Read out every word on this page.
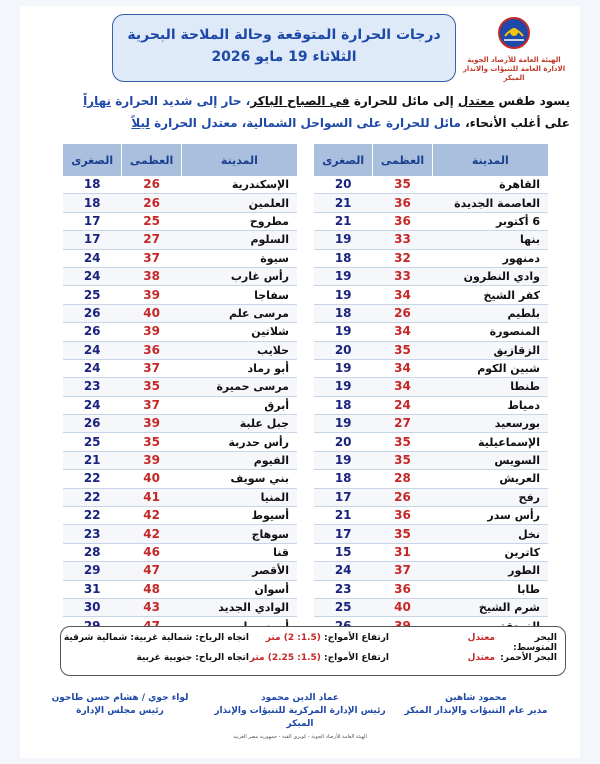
الهيئة العامة للأرصاد الجوية
الادارة العامة للتنبؤات والانذار المبكر
درجات الحرارة المتوقعة وحالة الملاحة البحرية
الثلاثاء 19 مايو 2026
يسود طقس معتدل إلى مائل للحرارة في الصباح الباكر، حار إلى شديد الحرارة نهاراً
على أغلب الأنحاء، مائل للحرارة على السواحل الشمالية، معتدل الحرارة ليلاً
المدينة	العظمى	الصغرى
القاهرة	35	20
العاصمة الجديدة	36	21
6 أكتوبر	36	21
بنها	33	19
دمنهور	32	18
وادي النطرون	33	19
كفر الشيخ	34	19
بلطيم	26	18
المنصورة	34	19
الزقازيق	35	20
شبين الكوم	34	19
طنطا	34	19
دمياط	24	18
بورسعيد	27	19
الإسماعيلية	35	20
السويس	35	19
العريش	28	18
رفح	26	17
رأس سدر	36	21
نخل	35	17
كاترين	31	15
الطور	37	24
طابا	36	23
شرم الشيخ	40	25

المدينة	العظمى	الصغرى
الإسكندرية	26	18
العلمين	26	18
مطروح	25	17
السلوم	27	17
سيوة	37	24
رأس غارب	38	24
سفاجا	39	25
مرسى علم	40	26
شلاتين	39	26
حلايب	36	24
أبو رماد	37	24
مرسى حميرة	35	23
أبرق	37	24
جبل علبة	39	26
رأس حدربة	35	25
الفيوم	39	21
بني سويف	40	22
المنيا	41	22
أسيوط	42	22
سوهاج	42	23
قنا	46	28
الأقصر	47	29
أسوان	48	31
الوادي الجديد	43	30

البحر المتوسط:
معتدل
ارتفاع الأمواج: (1.5: 2) متر
اتجاه الرياح: شمالية غربية: شمالية شرقية
البحر الأحمر:
معتدل
ارتفاع الأمواج: (1.5: 2.25) متر
اتجاه الرياح: جنوبية غربية
محمود شاهين
مدير عام التنبؤات والإنذار المبكر
عماد الدين محمود
رئيس الإدارة المركزية للتنبؤات والإنذار المبكر
لواء جوي / هشام حسن طاحون
رئيس مجلس الإدارة
الهيئة العامة للأرصاد الجوية - كوبري القبة - جمهورية مصر العربية
